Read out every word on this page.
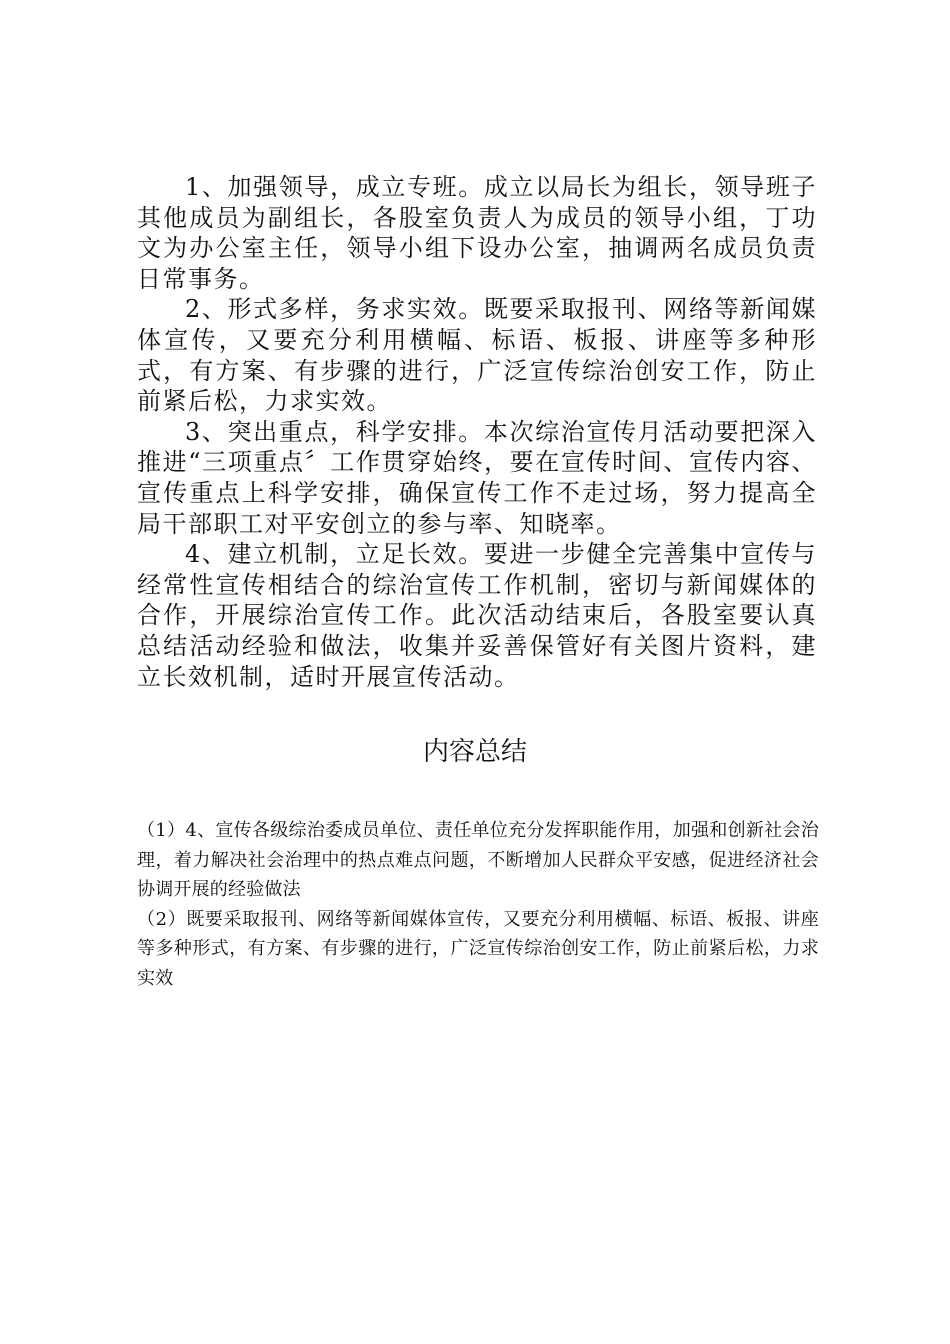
1、加强领导，成立专班。成立以局长为组长，领导班子其他成员为副组长，各股室负责人为成员的领导小组，丁功文为办公室主任，领导小组下设办公室，抽调两名成员负责日常事务。

2、形式多样，务求实效。既要采取报刊、网络等新闻媒体宣传，又要充分利用横幅、标语、板报、讲座等多种形式，有方案、有步骤的进行，广泛宣传综治创安工作，防止前紧后松，力求实效。

3、突出重点，科学安排。本次综治宣传月活动要把深入推进“三项重点〞工作贯穿始终，要在宣传时间、宣传内容、宣传重点上科学安排，确保宣传工作不走过场，努力提高全局干部职工对平安创立的参与率、知晓率。

4、建立机制，立足长效。要进一步健全完善集中宣传与经常性宣传相结合的综治宣传工作机制，密切与新闻媒体的合作，开展综治宣传工作。此次活动结束后，各股室要认真总结活动经验和做法，收集并妥善保管好有关图片资料，建立长效机制，适时开展宣传活动。

内容总结

（1）4、宣传各级综治委成员单位、责任单位充分发挥职能作用，加强和创新社会治理，着力解决社会治理中的热点难点问题，不断增加人民群众平安感，促进经济社会协调开展的经验做法

（2）既要采取报刊、网络等新闻媒体宣传，又要充分利用横幅、标语、板报、讲座等多种形式，有方案、有步骤的进行，广泛宣传综治创安工作，防止前紧后松，力求实效
